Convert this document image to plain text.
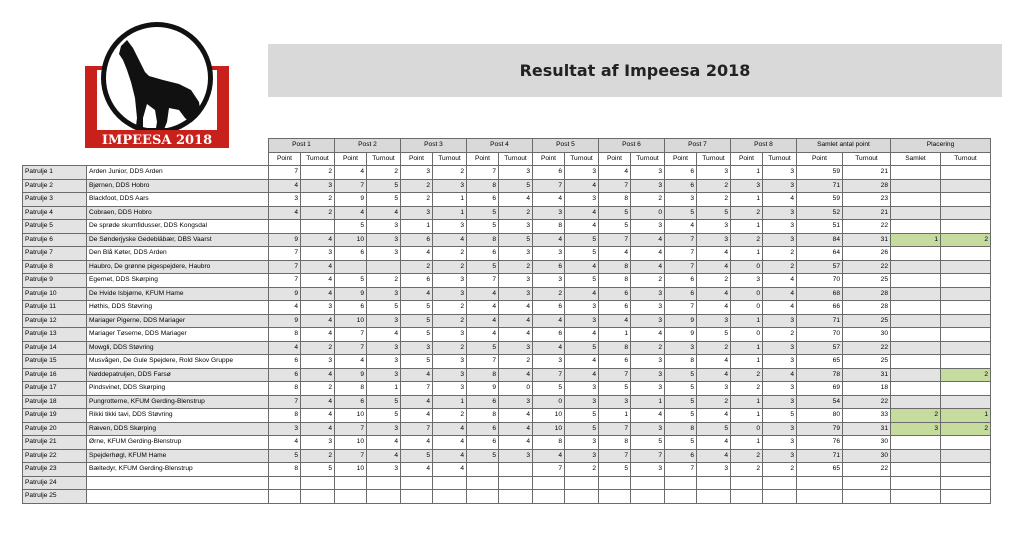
IMPEESA 2018
Resultat af Impeesa 2018
		Post 1		Post 2		Post 3		Post 4		Post 5		Post 6		Post 7		Post 8		Samlet antal point		Placering	
		Point	Turnout	Point	Turnout	Point	Turnout	Point	Turnout	Point	Turnout	Point	Turnout	Point	Turnout	Point	Turnout	Point	Turnout	Samlet	Turnout
Patrulje 1	Arden Junior, DDS Arden	7	2	4	2	3	2	7	3	6	3	4	3	6	3	1	3	59	21		
Patrulje 2	Bjørnen, DDS Hobro	4	3	7	5	2	3	8	5	7	4	7	3	6	2	3	3	71	28		
Patrulje 3	Blackfoot, DDS Aars	3	2	9	5	2	1	6	4	4	3	8	2	3	2	1	4	59	23		
Patrulje 4	Cobraen, DDS Hobro	4	2	4	4	3	1	5	2	3	4	5	0	5	5	2	3	52	21		
Patrulje 5	De sprøde skumfidusser, DDS Kongsdal			5	3	1	3	5	3	8	4	5	3	4	3	1	3	51	22		
Patrulje 6	De Sønderjyske Gedebläbær, DBS Vaarst	9	4	10	3	6	4	8	5	4	5	7	4	7	3	2	3	84	31	1	2
Patrulje 7	Den Blå Køter, DDS Arden	7	3	6	3	4	2	6	3	3	5	4	4	7	4	1	2	64	26		
Patrulje 8	Haubro, De grønne pigespejdere, Haubro	7	4			2	2	5	2	6	4	8	4	7	4	0	2	57	22		
Patrulje 9	Egernet, DDS Skørping	7	4	5	2	6	3	7	3	3	5	8	2	6	2	3	4	70	25		
Patrulje 10	De Hvide Isbjørne, KFUM Hame	9	4	9	3	4	3	4	3	2	4	6	3	6	4	0	4	68	28		
Patrulje 11	Høthis, DDS Støvring	4	3	6	5	5	2	4	4	6	3	6	3	7	4	0	4	66	28		
Patrulje 12	Mariager Pigerne, DDS Mariager	9	4	10	3	5	2	4	4	4	3	4	3	9	3	1	3	71	25		
Patrulje 13	Mariager Tøserne, DDS Mariager	8	4	7	4	5	3	4	4	6	4	1	4	9	5	0	2	70	30		
Patrulje 14	Mowgli, DDS Støvring	4	2	7	3	3	2	5	3	4	5	8	2	3	2	1	3	57	22		
Patrulje 15	Musvågen, De Gule Spejdere, Rold Skov Gruppe	6	3	4	3	5	3	7	2	3	4	6	3	8	4	1	3	65	25		
Patrulje 16	Nøddepatruljen, DDS Farsø	6	4	9	3	4	3	8	4	7	4	7	3	5	4	2	4	78	31		2
Patrulje 17	Pindsvinet, DDS Skørping	8	2	8	1	7	3	9	0	5	3	5	3	5	3	2	3	69	18		
Patrulje 18	Pungrotterne, KFUM Gerding-Blenstrup	7	4	6	5	4	1	6	3	0	3	3	1	5	2	1	3	54	22		
Patrulje 19	Rikki tikki tavi, DDS Støvring	8	4	10	5	4	2	8	4	10	5	1	4	5	4	1	5	80	33	2	1
Patrulje 20	Ræven, DDS Skørping	3	4	7	3	7	4	6	4	10	5	7	3	8	5	0	3	79	31	3	2
Patrulje 21	Ørne, KFUM Gerding-Blenstrup	4	3	10	4	4	4	6	4	8	3	8	5	5	4	1	3	76	30		
Patrulje 22	Spejderhøgl, KFUM Hame	5	2	7	4	5	4	5	3	4	3	7	7	6	4	2	3	71	30		
Patrulje 23	Bæltedyr, KFUM Gerding-Blenstrup	8	5	10	3	4	4			7	2	5	3	7	3	2	2	65	22		
Patrulje 24																					
Patrulje 25																					
